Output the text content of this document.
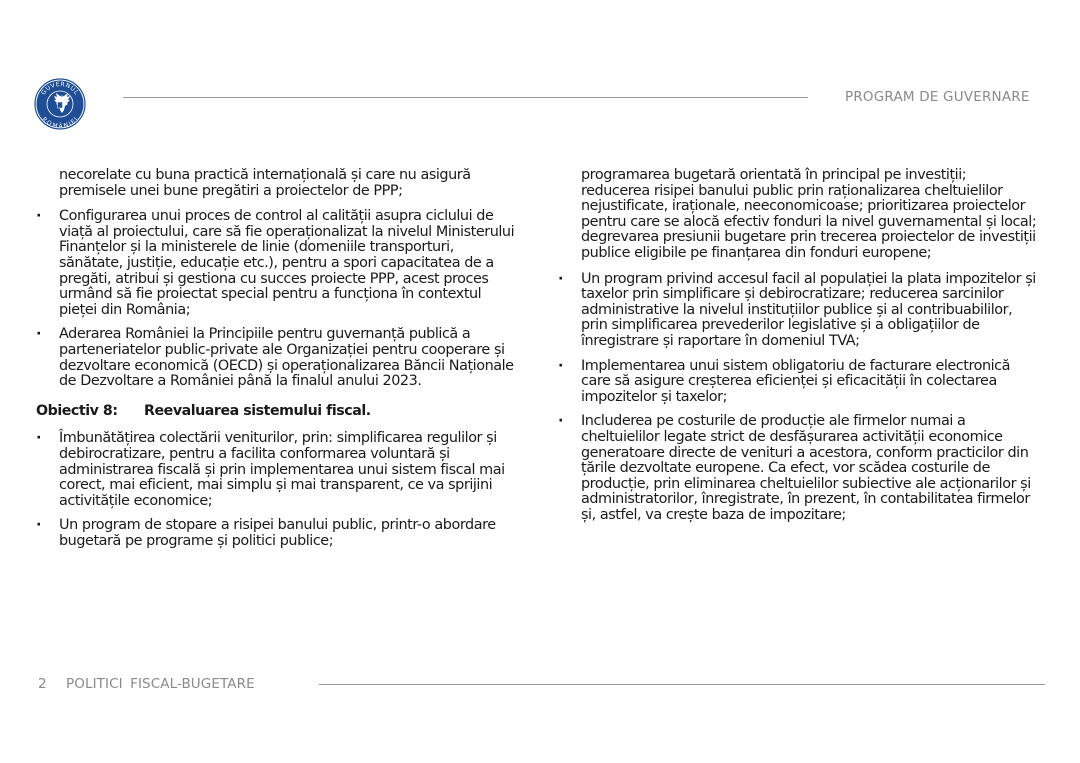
GUVERNUL
ROMÂNIEI
PROGRAM DE GUVERNARE

necorelate cu buna practică internațională și care nu asigură premisele unei bune pregătiri a proiectelor de PPP;

·	Configurarea unui proces de control al calității asupra ciclului de viață al proiectului, care să fie operaționalizat la nivelul Ministerului Finanțelor și la ministerele de linie (domeniile transporturi, sănătate, justiție, educație etc.), pentru a spori capacitatea de a pregăti, atribui și gestiona cu succes proiecte PPP, acest proces urmând să fie proiectat special pentru a funcționa în contextul pieței din România;
·	Aderarea României la Principiile pentru guvernanță publică a parteneriatelor public-private ale Organizației pentru cooperare și dezvoltare economică (OECD) și operaționalizarea Băncii Naționale de Dezvoltare a României până la finalul anului 2023.
Obiectiv 8:	Reevaluarea sistemului fiscal.
·	Îmbunătățirea colectării veniturilor, prin: simplificarea regulilor și debirocratizare, pentru a facilita conformarea voluntară și administrarea fiscală și prin implementarea unui sistem fiscal mai corect, mai eficient, mai simplu și mai transparent, ce va sprijini activitățile economice;
·	Un program de stopare a risipei banului public, printr-o abordare bugetară pe programe și politici publice;

programarea bugetară orientată în principal pe investiții; reducerea risipei banului public prin raționalizarea cheltuielilor nejustificate, iraționale, neeconomicoase; prioritizarea proiectelor pentru care se alocă efectiv fonduri la nivel guvernamental și local; degrevarea presiunii bugetare prin trecerea proiectelor de investiții publice eligibile pe finanțarea din fonduri europene;

·	Un program privind accesul facil al populației la plata impozitelor și taxelor prin simplificare și debirocratizare; reducerea sarcinilor administrative la nivelul instituțiilor publice și al contribuabililor, prin simplificarea prevederilor legislative și a obligațiilor de înregistrare și raportare în domeniul TVA;
·	Implementarea unui sistem obligatoriu de facturare electronică care să asigure creșterea eficienței și eficacității în colectarea impozitelor și taxelor;
·	Includerea pe costurile de producție ale firmelor numai a cheltuielilor legate strict de desfășurarea activității economice generatoare directe de venituri a acestora, conform practicilor din țările dezvoltate europene. Ca efect, vor scădea costurile de producție, prin eliminarea cheltuielilor subiective ale acționarilor și administratorilor, înregistrate, în prezent, în contabilitatea firmelor și, astfel, va crește baza de impozitare;
2 POLITICI FISCAL-BUGETARE
